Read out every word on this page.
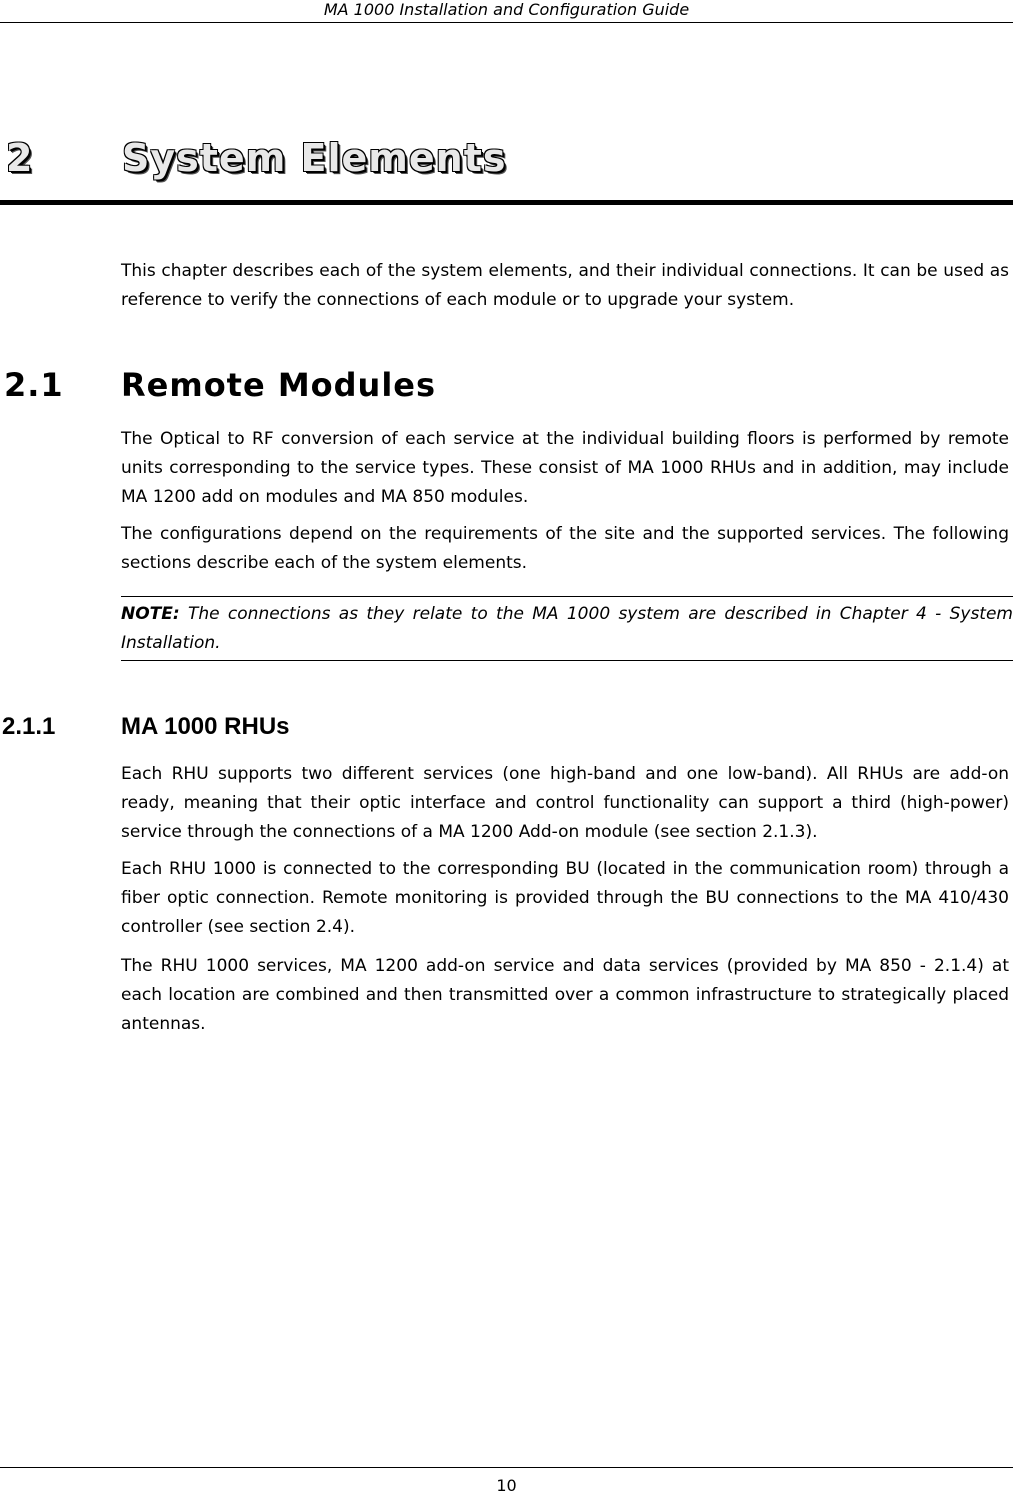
MA 1000 Installation and Configuration Guide
2 System Elements

This chapter describes each of the system elements, and their individual connections. It can be used as reference to verify the connections of each module or to upgrade your system.

2.1 Remote Modules

The Optical to RF conversion of each service at the individual building floors is performed by remote units corresponding to the service types. These consist of MA 1000 RHUs and in addition, may include MA 1200 add on modules and MA 850 modules.

The configurations depend on the requirements of the site and the supported services. The following sections describe each of the system elements.

NOTE: The connections as they relate to the MA 1000 system are described in Chapter 4 - System Installation.
2.1.1	MA 1000 RHUs

Each RHU supports two different services (one high-band and one low-band). All RHUs are add-on ready, meaning that their optic interface and control functionality can support a third (high-power) service through the connections of a MA 1200 Add-on module (see section 2.1.3).

Each RHU 1000 is connected to the corresponding BU (located in the communication room) through a fiber optic connection. Remote monitoring is provided through the BU connections to the MA 410/430 controller (see section 2.4).

The RHU 1000 services, MA 1200 add-on service and data services (provided by MA 850 - 2.1.4) at each location are combined and then transmitted over a common infrastructure to strategically placed antennas.

10
